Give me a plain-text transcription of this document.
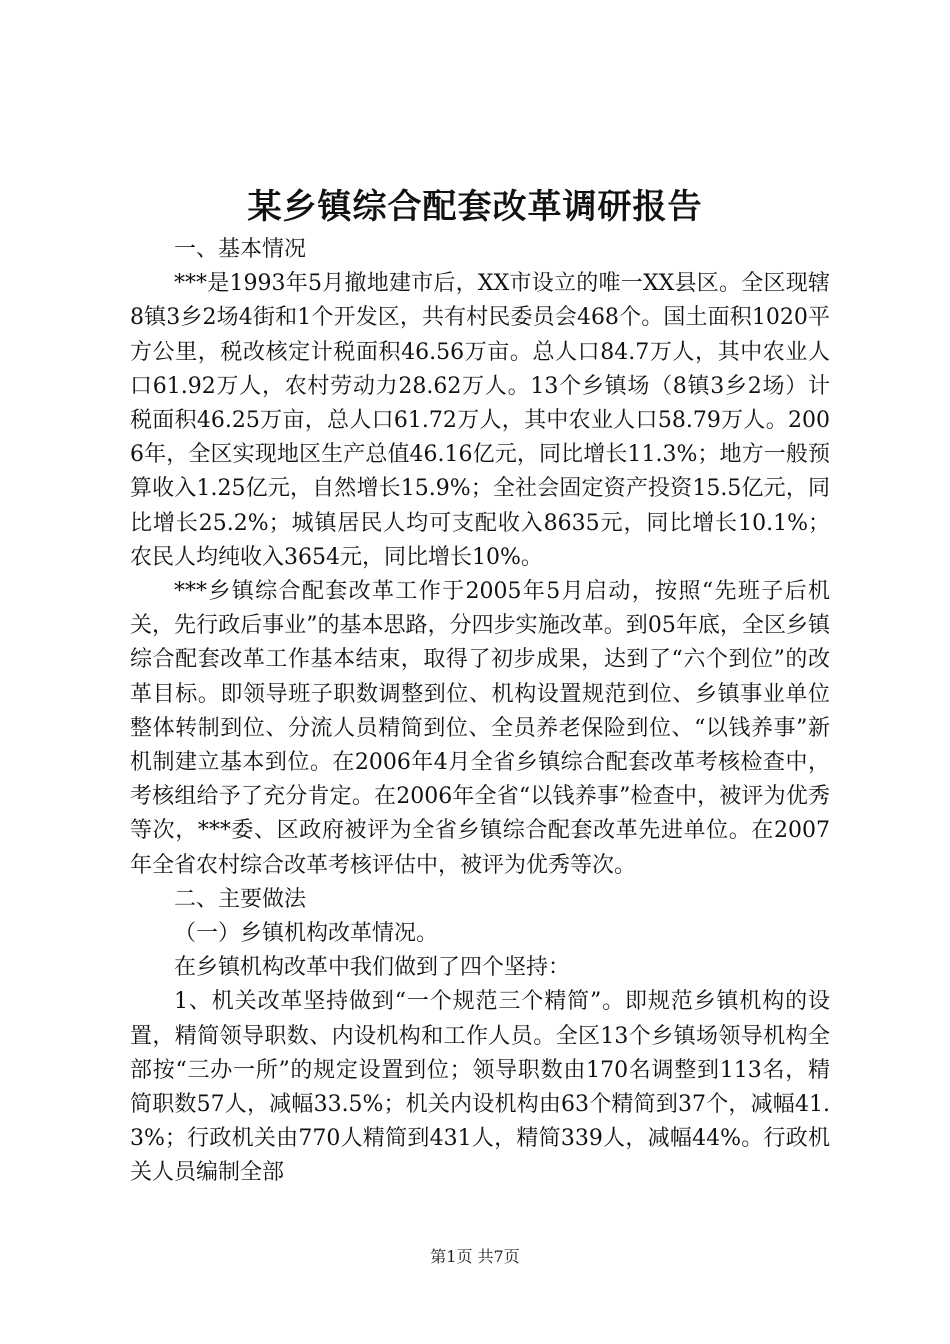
某乡镇综合配套改革调研报告

一、基本情况

***是1993年5月撤地建市后，XX市设立的唯一XX县区。全区现辖8镇3乡2场4街和1个开发区，共有村民委员会468个。国土面积1020平方公里，税改核定计税面积46.56万亩。总人口84.7万人，其中农业人口61.92万人，农村劳动力28.62万人。13个乡镇场（8镇3乡2场）计税面积46.25万亩，总人口61.72万人，其中农业人口58.79万人。2006年，全区实现地区生产总值46.16亿元，同比增长11.3%；地方一般预算收入1.25亿元，自然增长15.9%；全社会固定资产投资15.5亿元，同比增长25.2%；城镇居民人均可支配收入8635元，同比增长10.1%；农民人均纯收入3654元，同比增长10%。

***乡镇综合配套改革工作于2005年5月启动，按照“先班子后机关，先行政后事业”的基本思路，分四步实施改革。到05年底，全区乡镇综合配套改革工作基本结束，取得了初步成果，达到了“六个到位”的改革目标。即领导班子职数调整到位、机构设置规范到位、乡镇事业单位整体转制到位、分流人员精简到位、全员养老保险到位、“以钱养事”新机制建立基本到位。在2006年4月全省乡镇综合配套改革考核检查中，考核组给予了充分肯定。在2006年全省“以钱养事”检查中，被评为优秀等次，***委、区政府被评为全省乡镇综合配套改革先进单位。在2007年全省农村综合改革考核评估中，被评为优秀等次。

二、主要做法

（一）乡镇机构改革情况。

在乡镇机构改革中我们做到了四个坚持：

1、机关改革坚持做到“一个规范三个精简”。即规范乡镇机构的设置，精简领导职数、内设机构和工作人员。全区13个乡镇场领导机构全部按“三办一所”的规定设置到位；领导职数由170名调整到113名，精简职数57人，减幅33.5%；机关内设机构由63个精简到37个，减幅41.3%；行政机关由770人精简到431人，精简339人，减幅44%。行政机关人员编制全部

第1页 共7页
